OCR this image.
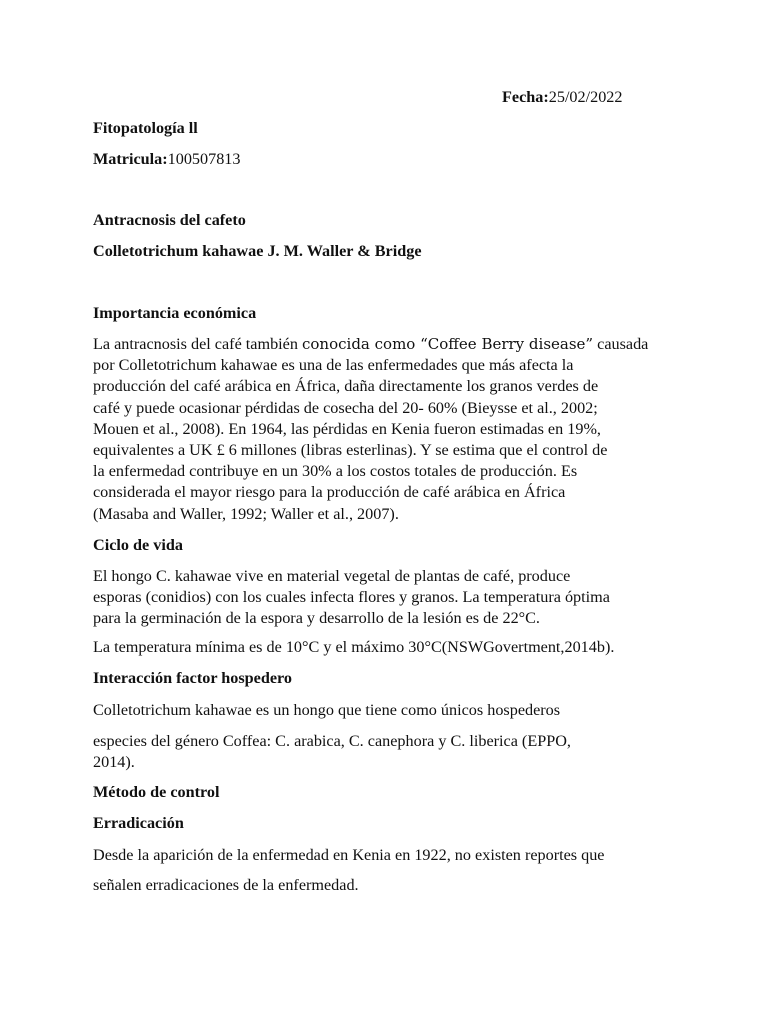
Fecha:25/02/2022
Fitopatología ll
Matricula:100507813
Antracnosis del cafeto
Colletotrichum kahawae J. M. Waller & Bridge
Importancia económica
La antracnosis del café también conocida como “Coffee Berry disease” causada
por Colletotrichum kahawae es una de las enfermedades que más afecta la
producción del café arábica en África, daña directamente los granos verdes de
café y puede ocasionar pérdidas de cosecha del 20- 60% (Bieysse et al., 2002;
Mouen et al., 2008). En 1964, las pérdidas en Kenia fueron estimadas en 19%,
equivalentes a UK £ 6 millones (libras esterlinas). Y se estima que el control de
la enfermedad contribuye en un 30% a los costos totales de producción. Es
considerada el mayor riesgo para la producción de café arábica en África
(Masaba and Waller, 1992; Waller et al., 2007).
Ciclo de vida
El hongo C. kahawae vive en material vegetal de plantas de café, produce
esporas (conidios) con los cuales infecta flores y granos. La temperatura óptima
para la germinación de la espora y desarrollo de la lesión es de 22°C.
La temperatura mínima es de 10°C y el máximo 30°C(NSWGovertment,2014b).
Interacción factor hospedero
Colletotrichum kahawae es un hongo que tiene como únicos hospederos
especies del género Coffea: C. arabica, C. canephora y C. liberica (EPPO,
2014).
Método de control
Erradicación
Desde la aparición de la enfermedad en Kenia en 1922, no existen reportes que
señalen erradicaciones de la enfermedad.
